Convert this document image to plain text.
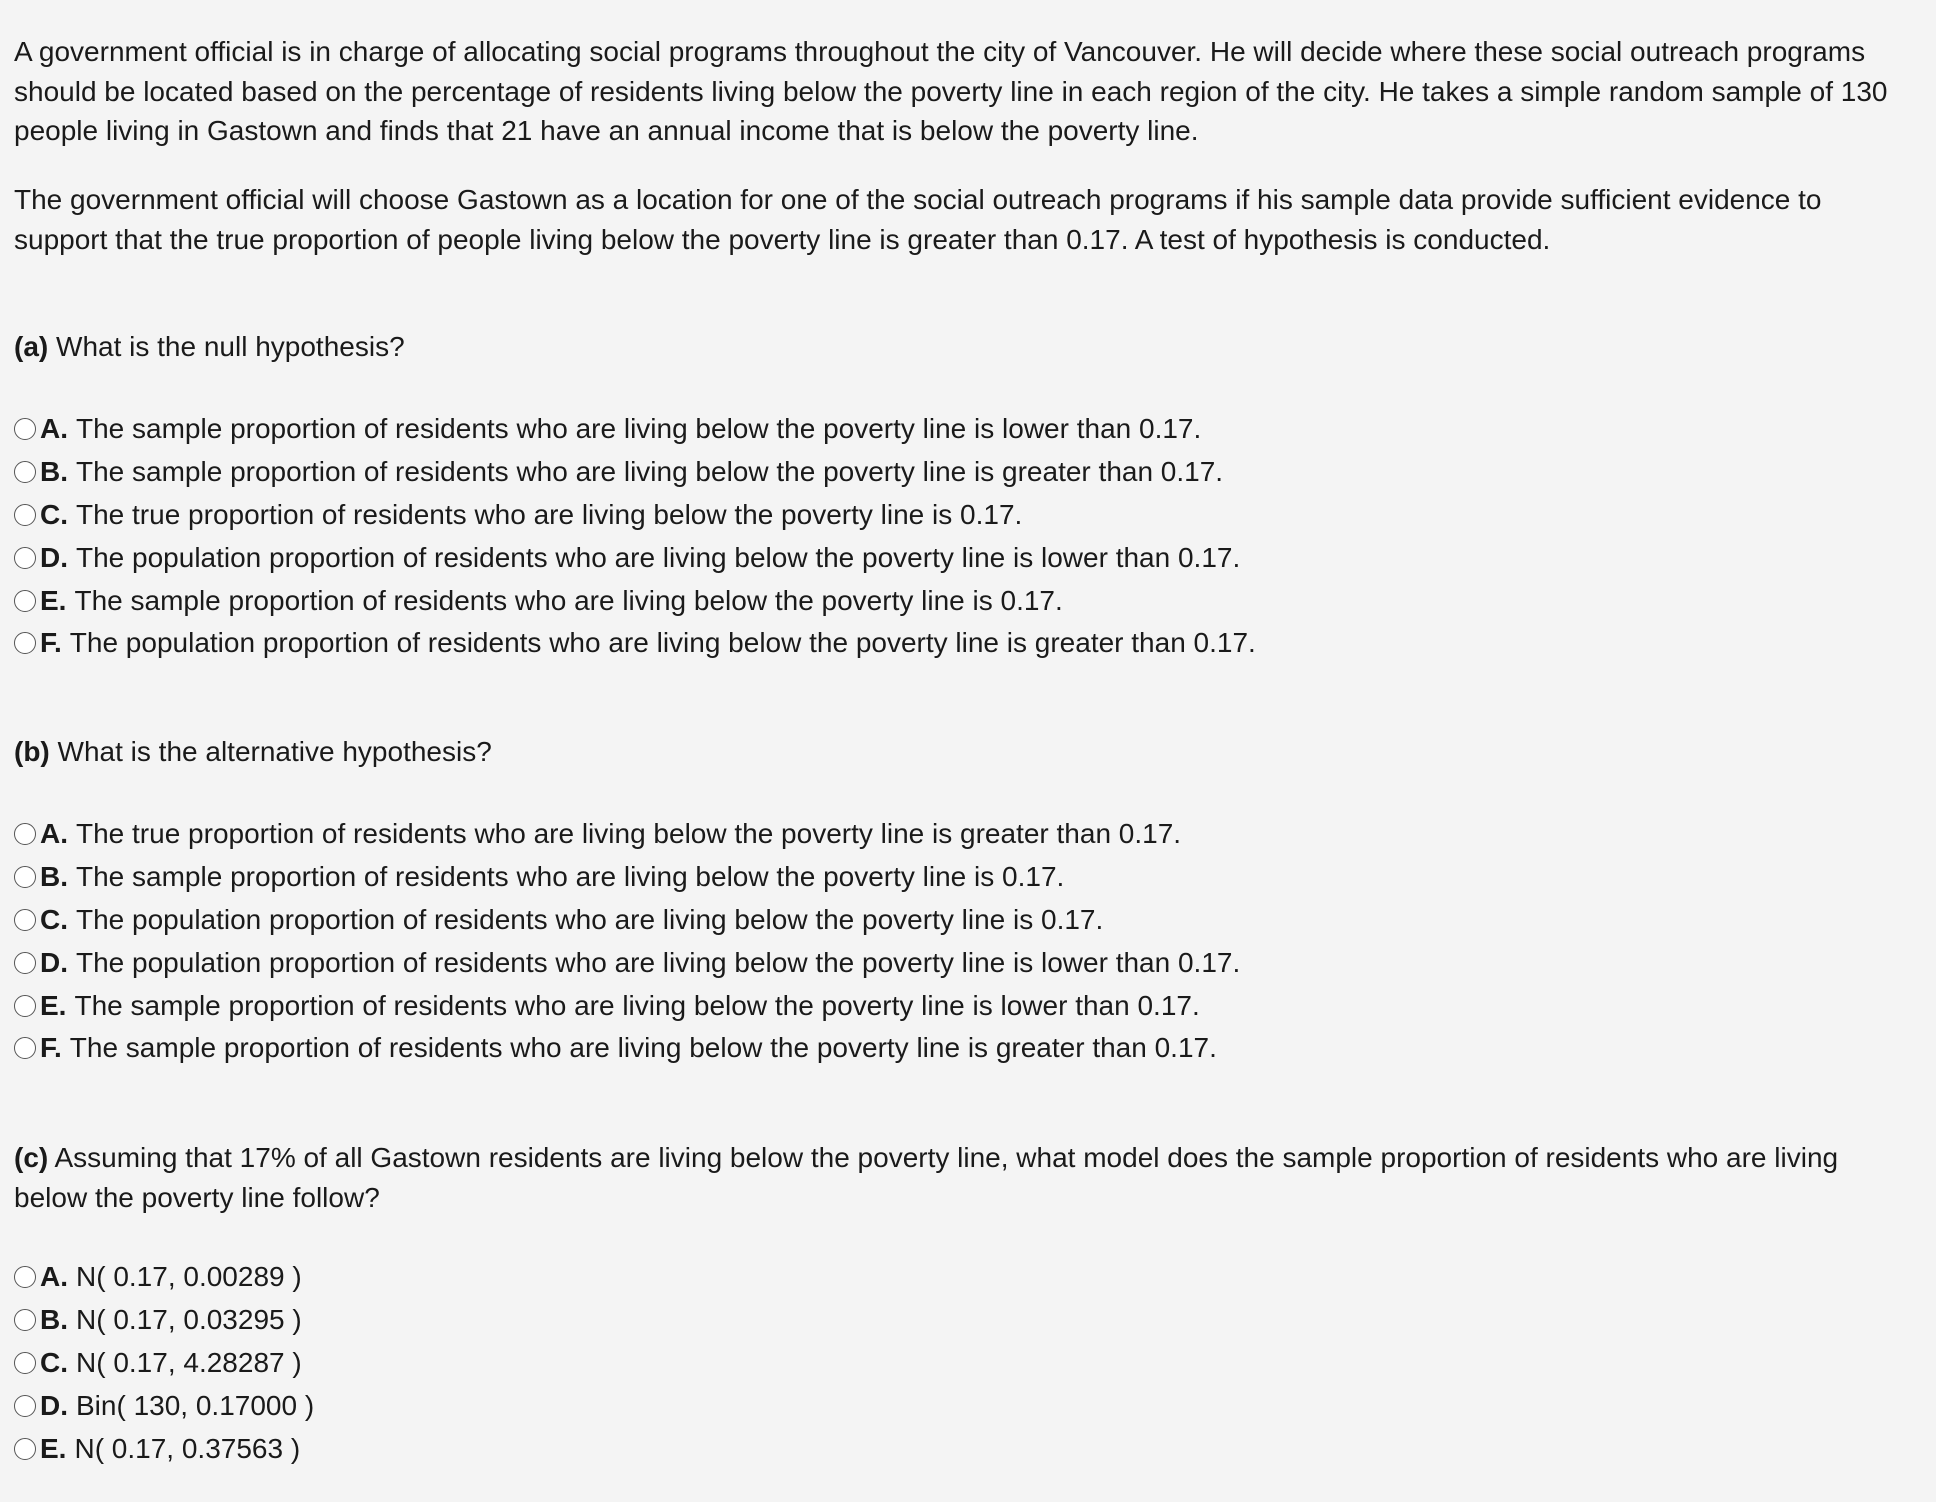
A government official is in charge of allocating social programs throughout the city of Vancouver. He will decide where these social outreach programs should be located based on the percentage of residents living below the poverty line in each region of the city. He takes a simple random sample of 130 people living in Gastown and finds that 21 have an annual income that is below the poverty line.

The government official will choose Gastown as a location for one of the social outreach programs if his sample data provide sufficient evidence to support that the true proportion of people living below the poverty line is greater than 0.17. A test of hypothesis is conducted.

(a) What is the null hypothesis?

A. The sample proportion of residents who are living below the poverty line is lower than 0.17.
B. The sample proportion of residents who are living below the poverty line is greater than 0.17.
C. The true proportion of residents who are living below the poverty line is 0.17.
D. The population proportion of residents who are living below the poverty line is lower than 0.17.
E. The sample proportion of residents who are living below the poverty line is 0.17.
F. The population proportion of residents who are living below the poverty line is greater than 0.17.

(b) What is the alternative hypothesis?

A. The true proportion of residents who are living below the poverty line is greater than 0.17.
B. The sample proportion of residents who are living below the poverty line is 0.17.
C. The population proportion of residents who are living below the poverty line is 0.17.
D. The population proportion of residents who are living below the poverty line is lower than 0.17.
E. The sample proportion of residents who are living below the poverty line is lower than 0.17.
F. The sample proportion of residents who are living below the poverty line is greater than 0.17.

(c) Assuming that 17% of all Gastown residents are living below the poverty line, what model does the sample proportion of residents who are living below the poverty line follow?

A. N( 0.17, 0.00289 )
B. N( 0.17, 0.03295 )
C. N( 0.17, 4.28287 )
D. Bin( 130, 0.17000 )
E. N( 0.17, 0.37563 )
